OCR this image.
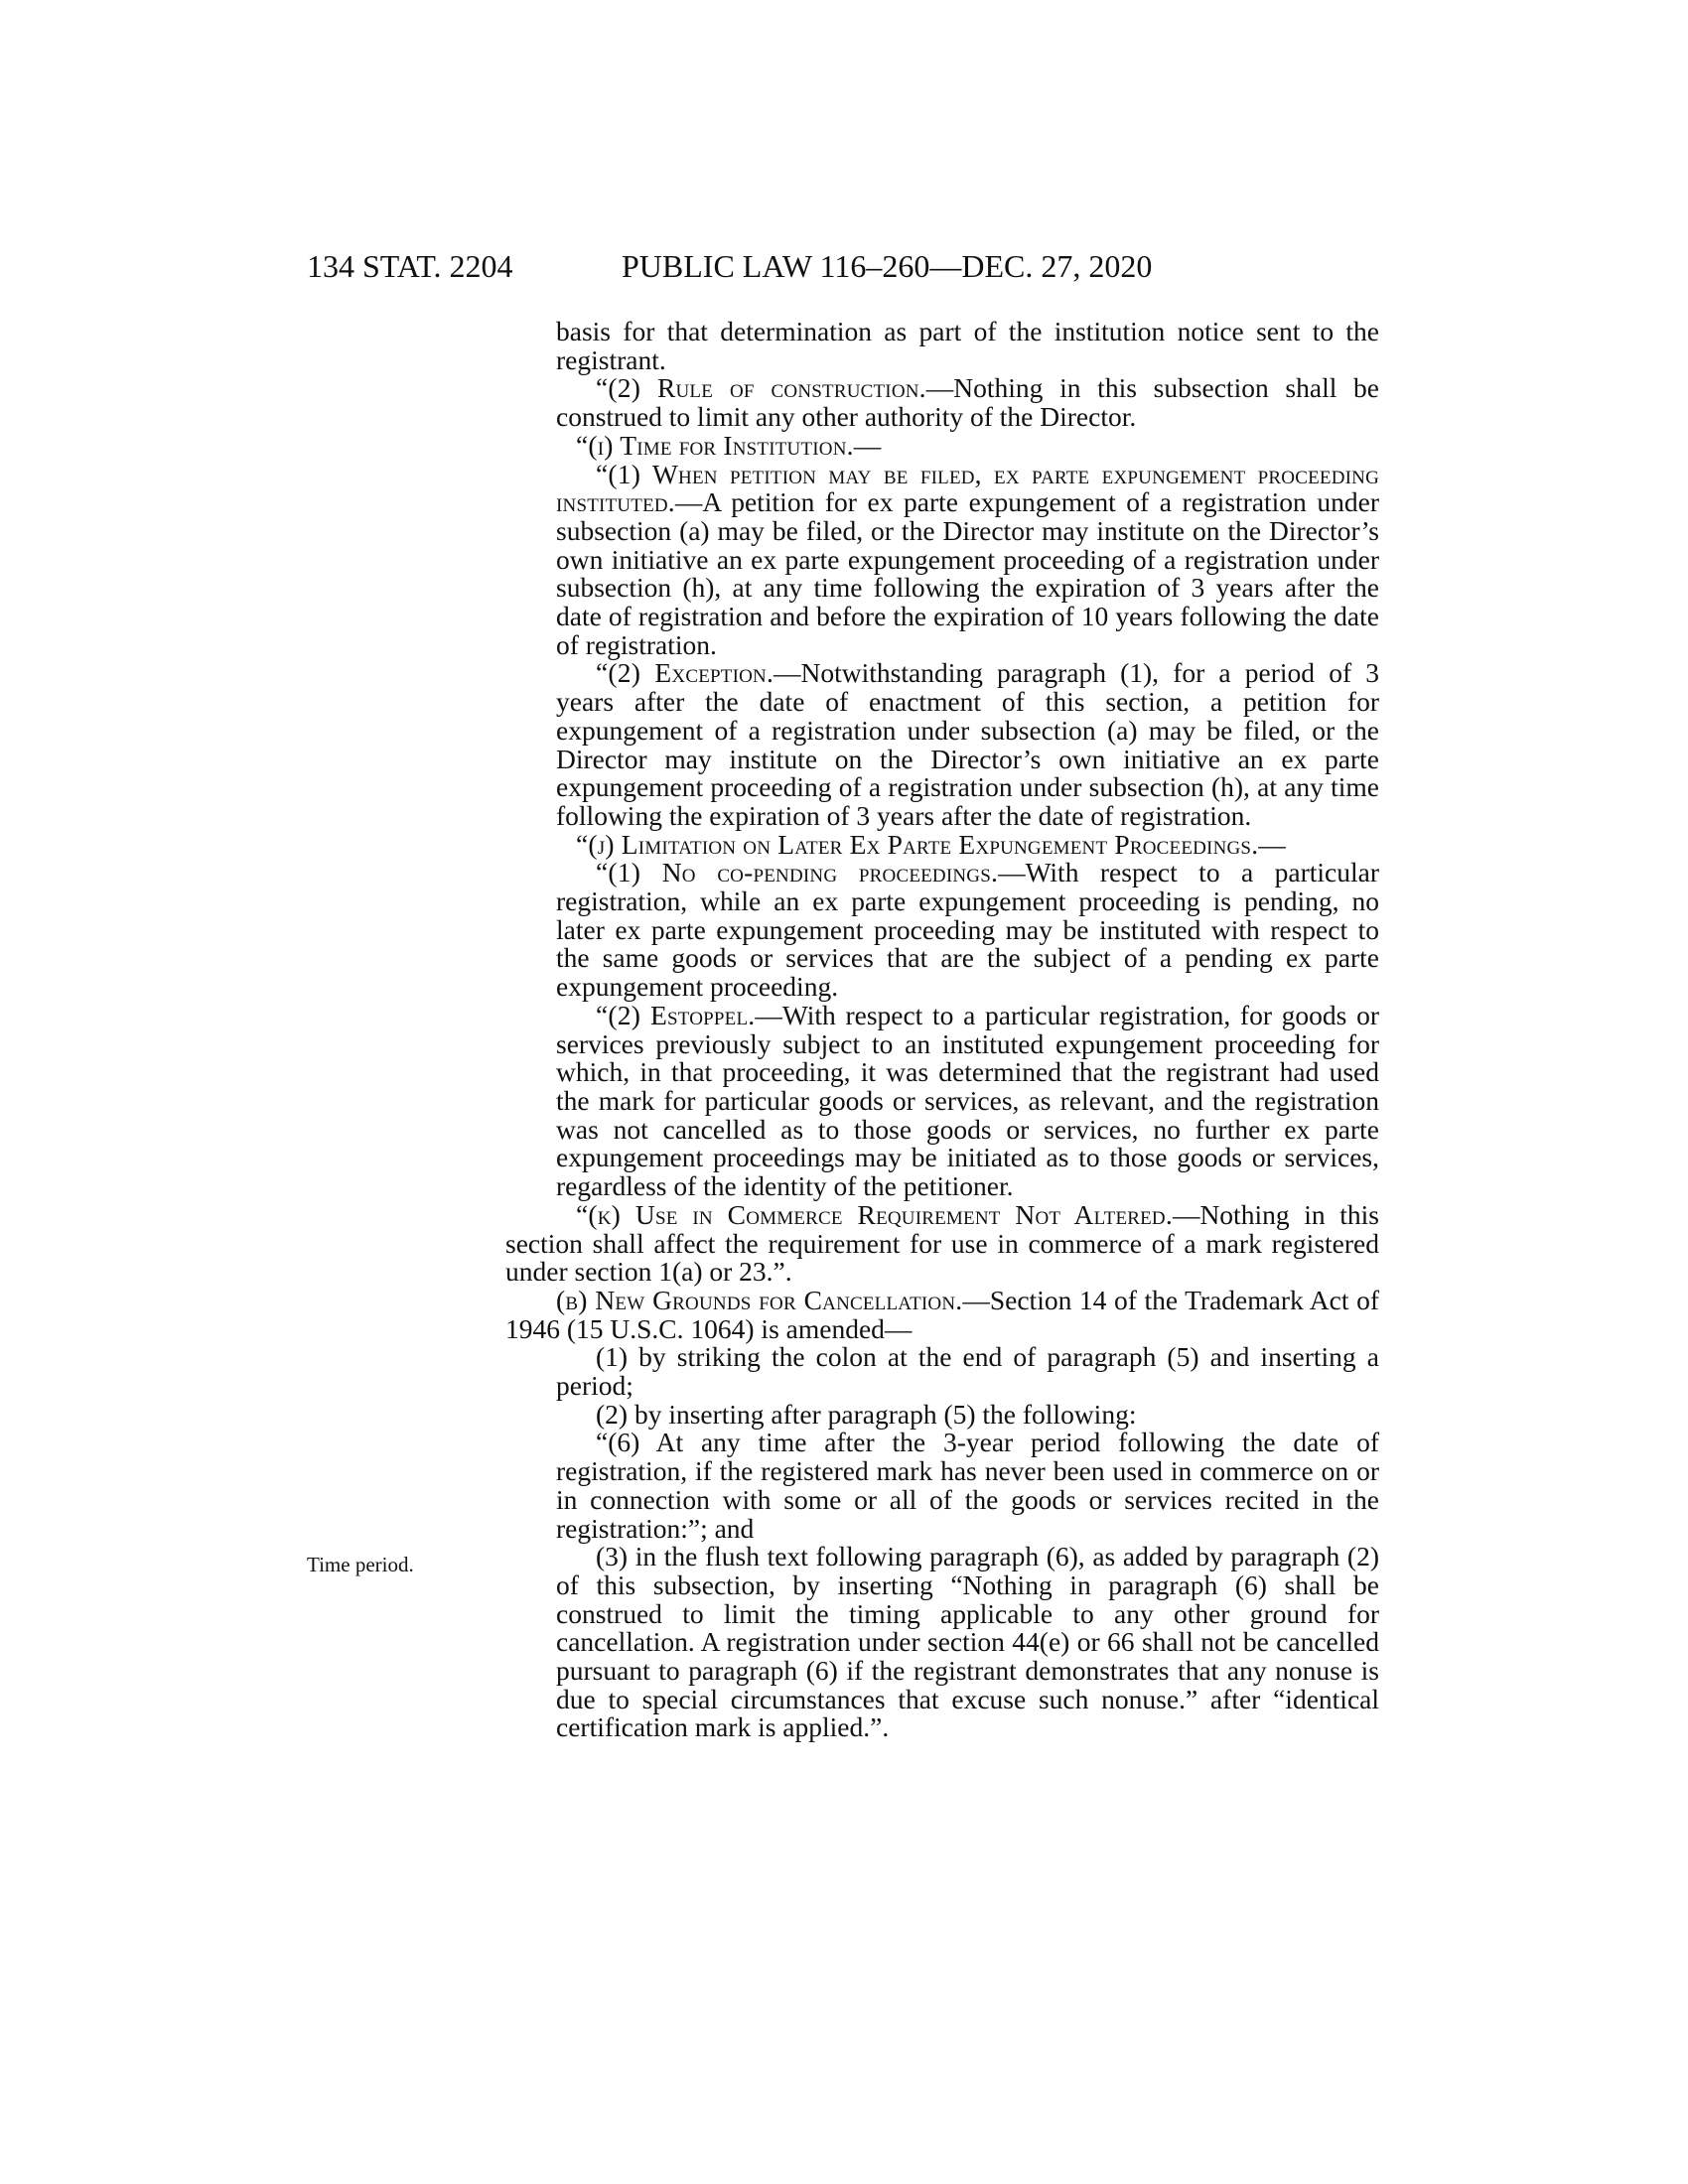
134 STAT. 2204	PUBLIC LAW 116–260—DEC. 27, 2020
Time period.

basis for that determination as part of the institution notice sent to the registrant.

“(2) Rule of construction.—Nothing in this subsection shall be construed to limit any other authority of the Director.

“(i) Time for Institution.—

“(1) When petition may be filed, ex parte expungement proceeding instituted.—A petition for ex parte expungement of a registration under subsection (a) may be filed, or the Director may institute on the Director’s own initiative an ex parte expungement proceeding of a registration under subsection (h), at any time following the expiration of 3 years after the date of registration and before the expiration of 10 years following the date of registration.

“(2) Exception.—Notwithstanding paragraph (1), for a period of 3 years after the date of enactment of this section, a petition for expungement of a registration under subsection (a) may be filed, or the Director may institute on the Director’s own initiative an ex parte expungement proceeding of a registration under subsection (h), at any time following the expiration of 3 years after the date of registration.

“(j) Limitation on Later Ex Parte Expungement Proceedings.—

“(1) No co-pending proceedings.—With respect to a particular registration, while an ex parte expungement proceeding is pending, no later ex parte expungement proceeding may be instituted with respect to the same goods or services that are the subject of a pending ex parte expungement proceeding.

“(2) Estoppel.—With respect to a particular registration, for goods or services previously subject to an instituted expungement proceeding for which, in that proceeding, it was determined that the registrant had used the mark for particular goods or services, as relevant, and the registration was not cancelled as to those goods or services, no further ex parte expungement proceedings may be initiated as to those goods or services, regardless of the identity of the petitioner.

“(k) Use in Commerce Requirement Not Altered.—Nothing in this section shall affect the requirement for use in commerce of a mark registered under section 1(a) or 23.”.

(b) New Grounds for Cancellation.—Section 14 of the Trademark Act of 1946 (15 U.S.C. 1064) is amended—

(1) by striking the colon at the end of paragraph (5) and inserting a period;

(2) by inserting after paragraph (5) the following:

“(6) At any time after the 3-year period following the date of registration, if the registered mark has never been used in commerce on or in connection with some or all of the goods or services recited in the registration:”; and

(3) in the flush text following paragraph (6), as added by paragraph (2) of this subsection, by inserting “Nothing in paragraph (6) shall be construed to limit the timing applicable to any other ground for cancellation. A registration under section 44(e) or 66 shall not be cancelled pursuant to paragraph (6) if the registrant demonstrates that any nonuse is due to special circumstances that excuse such nonuse.” after “identical certification mark is applied.”.
